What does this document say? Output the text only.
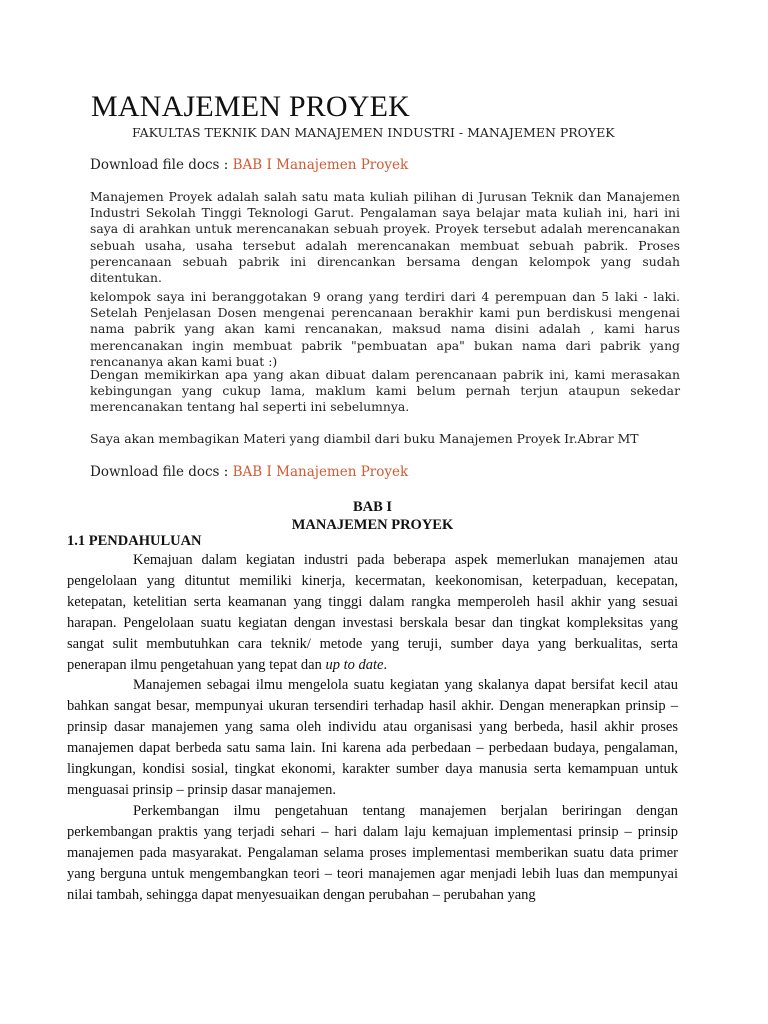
MANAJEMEN PROYEK
FAKULTAS TEKNIK DAN MANAJEMEN INDUSTRI - MANAJEMEN PROYEK
Download file docs : BAB I Manajemen Proyek

Manajemen Proyek adalah salah satu mata kuliah pilihan di Jurusan Teknik dan Manajemen Industri Sekolah Tinggi Teknologi Garut. Pengalaman saya belajar mata kuliah ini, hari ini saya di arahkan untuk merencanakan sebuah proyek. Proyek tersebut adalah merencanakan sebuah usaha, usaha tersebut adalah merencanakan membuat sebuah pabrik. Proses perencanaan sebuah pabrik ini direncankan bersama dengan kelompok yang sudah ditentukan.

kelompok saya ini beranggotakan 9 orang yang terdiri dari 4 perempuan dan 5 laki - laki. Setelah Penjelasan Dosen mengenai perencanaan berakhir kami pun berdiskusi mengenai nama pabrik yang akan kami rencanakan, maksud nama disini adalah , kami harus merencanakan ingin membuat pabrik "pembuatan apa" bukan nama dari pabrik yang rencananya akan kami buat :)

Dengan memikirkan apa yang akan dibuat dalam perencanaan pabrik ini, kami merasakan kebingungan yang cukup lama, maklum kami belum pernah terjun ataupun sekedar merencanakan tentang hal seperti ini sebelumnya.

Saya akan membagikan Materi yang diambil dari buku Manajemen Proyek Ir.Abrar MT

Download file docs : BAB I Manajemen Proyek
BAB I
MANAJEMEN PROYEK
1.1 PENDAHULUAN

Kemajuan dalam kegiatan industri pada beberapa aspek memerlukan manajemen atau pengelolaan yang dituntut memiliki kinerja, kecermatan, keekonomisan, keterpaduan, kecepatan, ketepatan, ketelitian serta keamanan yang tinggi dalam rangka memperoleh hasil akhir yang sesuai harapan. Pengelolaan suatu kegiatan dengan investasi berskala besar dan tingkat kompleksitas yang sangat sulit membutuhkan cara teknik/ metode yang teruji, sumber daya yang berkualitas, serta penerapan ilmu pengetahuan yang tepat dan up to date.

Manajemen sebagai ilmu mengelola suatu kegiatan yang skalanya dapat bersifat kecil atau bahkan sangat besar, mempunyai ukuran tersendiri terhadap hasil akhir. Dengan menerapkan prinsip – prinsip dasar manajemen yang sama oleh individu atau organisasi yang berbeda, hasil akhir proses manajemen dapat berbeda satu sama lain. Ini karena ada perbedaan – perbedaan budaya, pengalaman, lingkungan, kondisi sosial, tingkat ekonomi, karakter sumber daya manusia serta kemampuan untuk menguasai prinsip – prinsip dasar manajemen.

Perkembangan ilmu pengetahuan tentang manajemen berjalan beriringan dengan perkembangan praktis yang terjadi sehari – hari dalam laju kemajuan implementasi prinsip – prinsip manajemen pada masyarakat. Pengalaman selama proses implementasi memberikan suatu data primer yang berguna untuk mengembangkan teori – teori manajemen agar menjadi lebih luas dan mempunyai nilai tambah, sehingga dapat menyesuaikan dengan perubahan – perubahan yang
